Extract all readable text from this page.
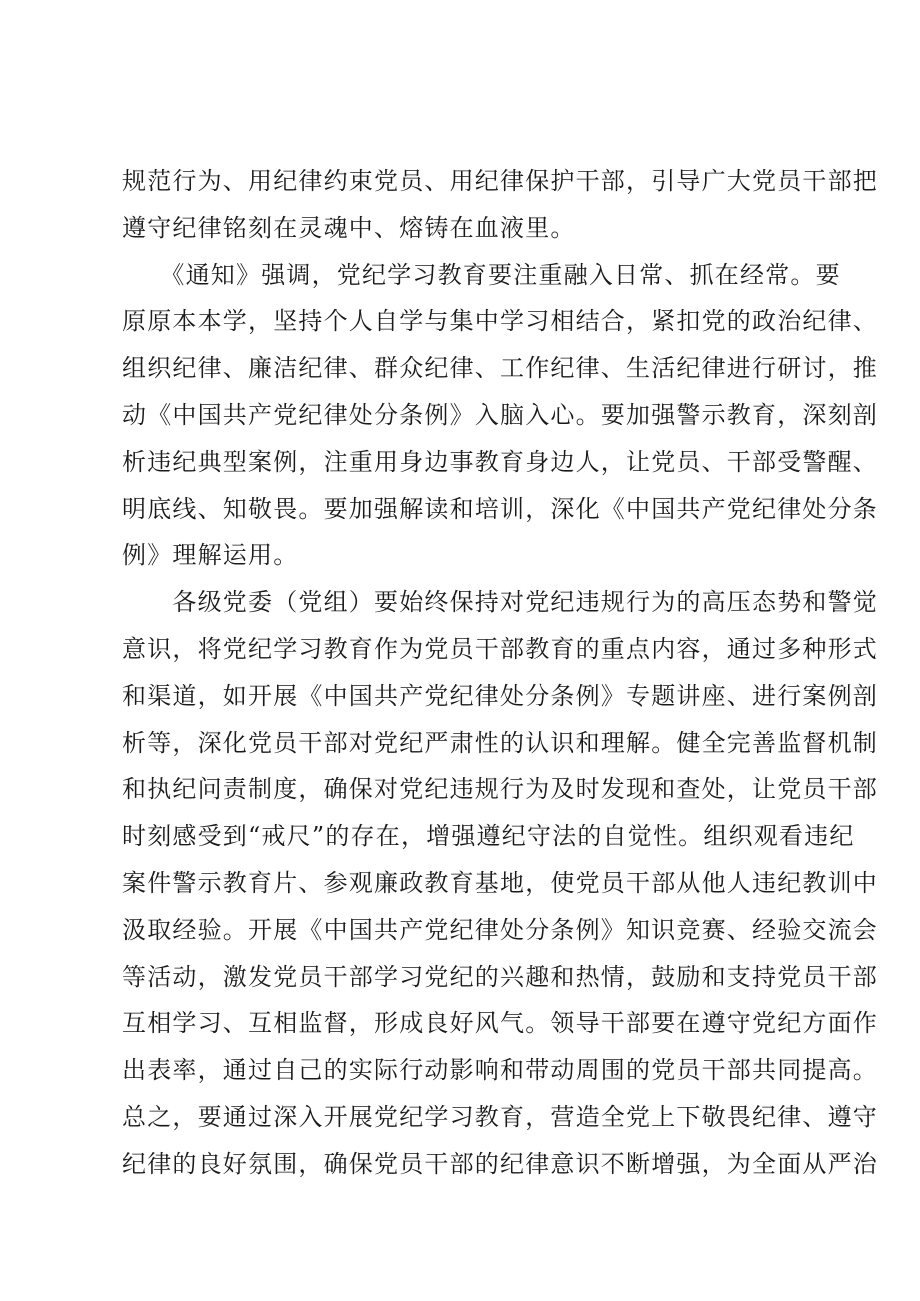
规范行为、用纪律约束党员、用纪律保护干部，引导广大党员干部把
遵守纪律铭刻在灵魂中、熔铸在血液里。
　　《通知》强调，党纪学习教育要注重融入日常、抓在经常。要
原原本本学，坚持个人自学与集中学习相结合，紧扣党的政治纪律、
组织纪律、廉洁纪律、群众纪律、工作纪律、生活纪律进行研讨，推
动《中国共产党纪律处分条例》入脑入心。要加强警示教育，深刻剖
析违纪典型案例，注重用身边事教育身边人，让党员、干部受警醒、
明底线、知敬畏。要加强解读和培训，深化《中国共产党纪律处分条
例》理解运用。
　　各级党委（党组）要始终保持对党纪违规行为的高压态势和警觉
意识，将党纪学习教育作为党员干部教育的重点内容，通过多种形式
和渠道，如开展《中国共产党纪律处分条例》专题讲座、进行案例剖
析等，深化党员干部对党纪严肃性的认识和理解。健全完善监督机制
和执纪问责制度，确保对党纪违规行为及时发现和查处，让党员干部
时刻感受到“戒尺”的存在，增强遵纪守法的自觉性。组织观看违纪
案件警示教育片、参观廉政教育基地，使党员干部从他人违纪教训中
汲取经验。开展《中国共产党纪律处分条例》知识竞赛、经验交流会
等活动，激发党员干部学习党纪的兴趣和热情，鼓励和支持党员干部
互相学习、互相监督，形成良好风气。领导干部要在遵守党纪方面作
出表率，通过自己的实际行动影响和带动周围的党员干部共同提高。
总之，要通过深入开展党纪学习教育，营造全党上下敬畏纪律、遵守
纪律的良好氛围，确保党员干部的纪律意识不断增强，为全面从严治
